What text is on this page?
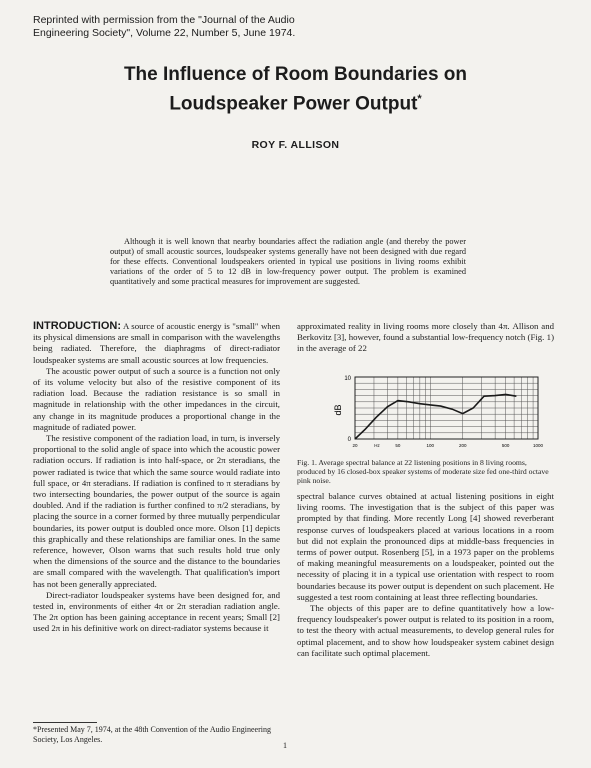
Reprinted with permission from the "Journal of the Audio Engineering Society", Volume 22, Number 5, June 1974.
The Influence of Room Boundaries on
Loudspeaker Power Output*
ROY F. ALLISON
Although it is well known that nearby boundaries affect the radiation angle (and thereby the power output) of small acoustic sources, loudspeaker systems generally have not been designed with due regard for these effects. Conventional loudspeakers oriented in typical use positions in living rooms exhibit variations of the order of 5 to 12 dB in low-frequency power output. The problem is examined quantitatively and some practical measures for improvement are suggested.

INTRODUCTION: A source of acoustic energy is "small" when its physical dimensions are small in comparison with the wavelengths being radiated. Therefore, the diaphragms of direct-radiator loudspeaker systems are small acoustic sources at low frequencies.

The acoustic power output of such a source is a function not only of its volume velocity but also of the resistive component of its radiation load. Because the radiation resistance is so small in magnitude in relationship with the other impedances in the circuit, any change in its magnitude produces a proportional change in the magnitude of radiated power.

The resistive component of the radiation load, in turn, is inversely proportional to the solid angle of space into which the acoustic power radiation occurs. If radiation is into half-space, or 2π steradians, the power radiated is twice that which the same source would radiate into full space, or 4π steradians. If radiation is confined to π steradians by two intersecting boundaries, the power output of the source is again doubled. And if the radiation is further confined to π/2 steradians, by placing the source in a corner formed by three mutually perpendicular boundaries, its power output is doubled once more. Olson [1] depicts this graphically and these relationships are familiar ones. In the same reference, however, Olson warns that such results hold true only when the dimensions of the source and the distance to the boundaries are small compared with the wavelength. That qualification's import has not been generally appreciated.

Direct-radiator loudspeaker systems have been designed for, and tested in, environments of either 4π or 2π steradian radiation angle. The 2π option has been gaining acceptance in recent years; Small [2] used 2π in his definitive work on direct-radiator systems because it

approximated reality in living rooms more closely than 4π. Allison and Berkovitz [3], however, found a substantial low-frequency notch (Fig. 1) in the average of 22
dB
10
0
20	50	100	200	500	1000
Hz
Fig. 1. Average spectral balance at 22 listening positions in 8 living rooms, produced by 16 closed-box speaker systems of moderate size fed one-third octave pink noise.

spectral balance curves obtained at actual listening positions in eight living rooms. The investigation that is the subject of this paper was prompted by that finding. More recently Long [4] showed reverberant response curves of loudspeakers placed at various locations in a room but did not explain the pronounced dips at middle-bass frequencies in terms of power output. Rosenberg [5], in a 1973 paper on the problems of making meaningful measurements on a loudspeaker, pointed out the necessity of placing it in a typical use orientation with respect to room boundaries because its power output is dependent on such placement. He suggested a test room containing at least three reflecting boundaries.

The objects of this paper are to define quantitatively how a low-frequency loudspeaker's power output is related to its position in a room, to test the theory with actual measurements, to develop general rules for optimal placement, and to show how loudspeaker system cabinet design can facilitate such optimal placement.

*Presented May 7, 1974, at the 48th Convention of the Audio Engineering Society, Los Angeles.
1
